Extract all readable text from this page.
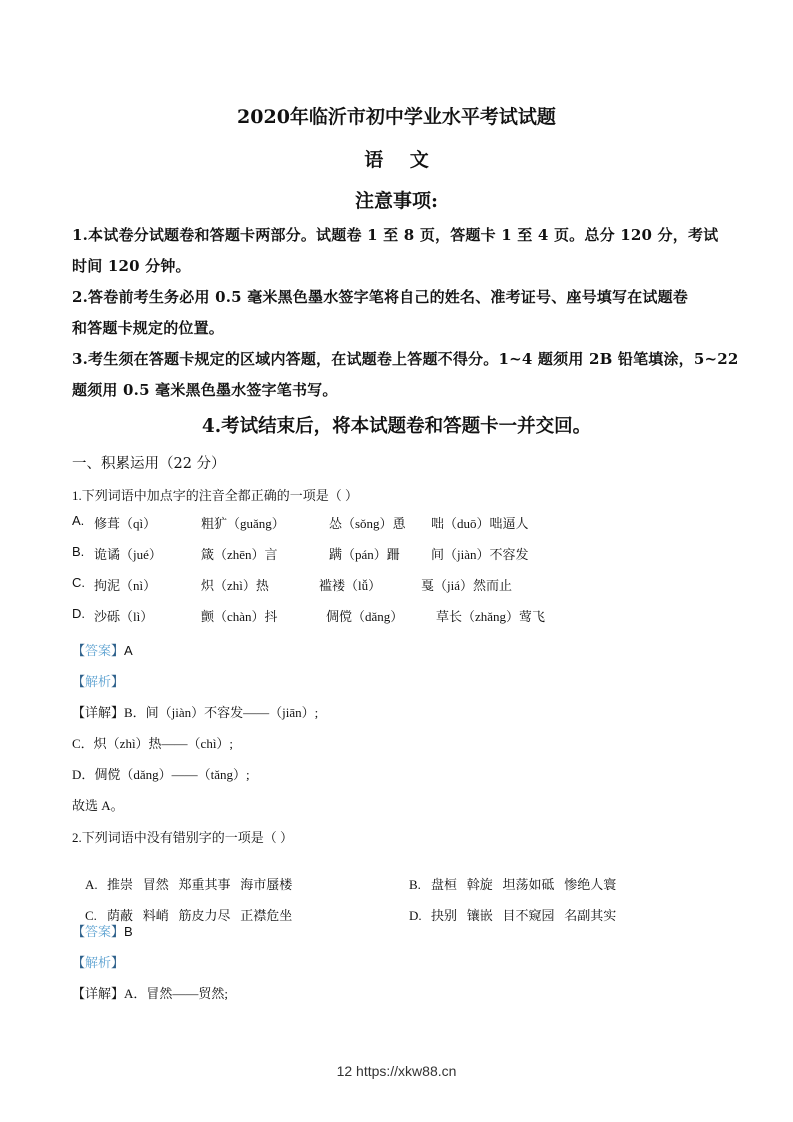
2020年临沂市初中学业水平考试试题
语    文
注意事项:
1.本试卷分试题卷和答题卡两部分。试题卷 1 至 8 页，答题卡 1 至 4 页。总分 120 分，考试
时间 120 分钟。
2.答卷前考生务必用 0.5 毫米黑色墨水签字笔将自己的姓名、准考证号、座号填写在试题卷
和答题卡规定的位置。
3.考生须在答题卡规定的区域内答题，在试题卷上答题不得分。1~4 题须用 2B 铅笔填涂，5~22
题须用 0.5 毫米黑色墨水签字笔书写。
4.考试结束后，将本试题卷和答题卡一并交回。
一、积累运用（22 分）
1.下列词语中加点字的注音全都正确的一项是（ ）
A. 修葺（qì）	粗犷（guǎng）	怂（sǒng）恿	咄（duō）咄逼人
B. 诡谲（jué）	箴（zhēn）言	蹒（pán）跚	间（jiàn）不容发
C. 拘泥（nì）	炽（zhì）热	褴褛（lǚ）	戛（jiá）然而止
D. 沙砾（lì）	颤（chàn）抖	倜傥（dǎng）	草长（zhǎng）莺飞
【答案】A
【解析】
【详解】B．间（jiàn）不容发——（jiān）;
C．炽（zhì）热——（chì）;
D．倜傥（dǎng）——（tǎng）;
故选 A。
2.下列词语中没有错别字的一项是（ ）

A. 推崇   冒然   郑重其事   海市蜃楼
	B. 盘桓   斡旋   坦荡如砥   惨绝人寰

C. 荫蔽   料峭   筋皮力尽   正襟危坐
	D. 抉别   镶嵌   目不窥园   名副其实

【答案】B
【解析】
【详解】A．冒然——贸然;
12 https://xkw88.cn
